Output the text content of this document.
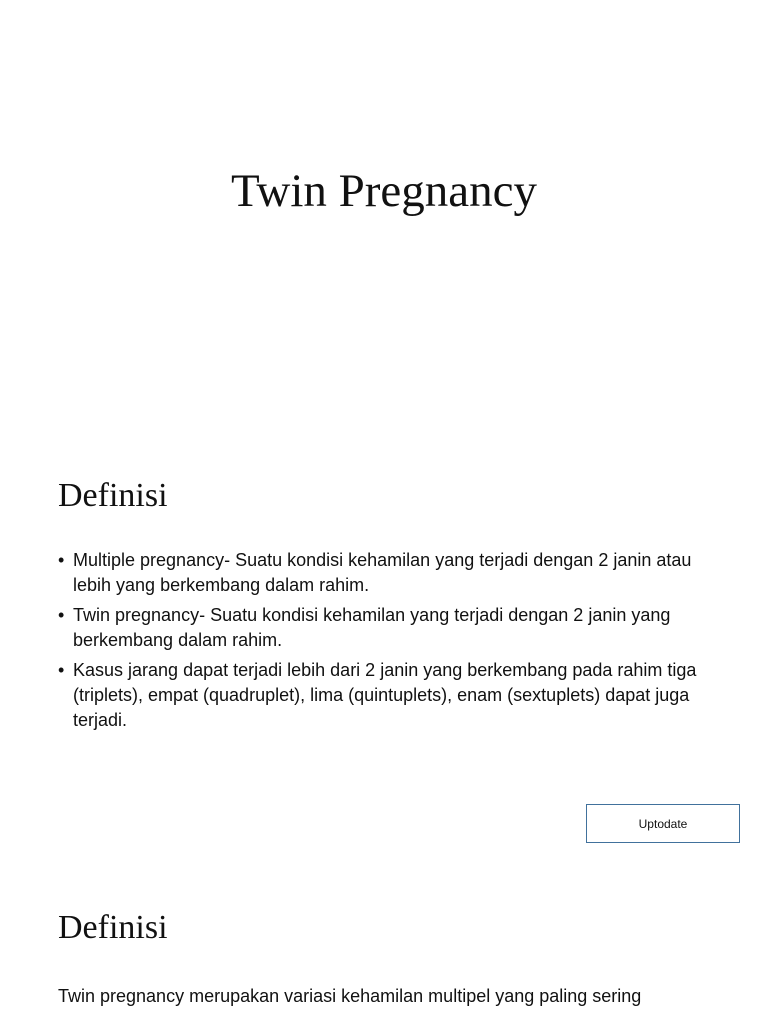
Twin Pregnancy
Definisi
• Multiple pregnancy- Suatu kondisi kehamilan yang terjadi dengan 2 janin atau lebih yang berkembang dalam rahim.
• Twin pregnancy- Suatu kondisi kehamilan yang terjadi dengan 2 janin yang berkembang dalam rahim.
• Kasus jarang dapat terjadi lebih dari 2 janin yang berkembang pada rahim tiga (triplets), empat (quadruplet), lima (quintuplets), enam (sextuplets) dapat juga terjadi.
Uptodate
Definisi

Twin pregnancy merupakan variasi kehamilan multipel yang paling sering
